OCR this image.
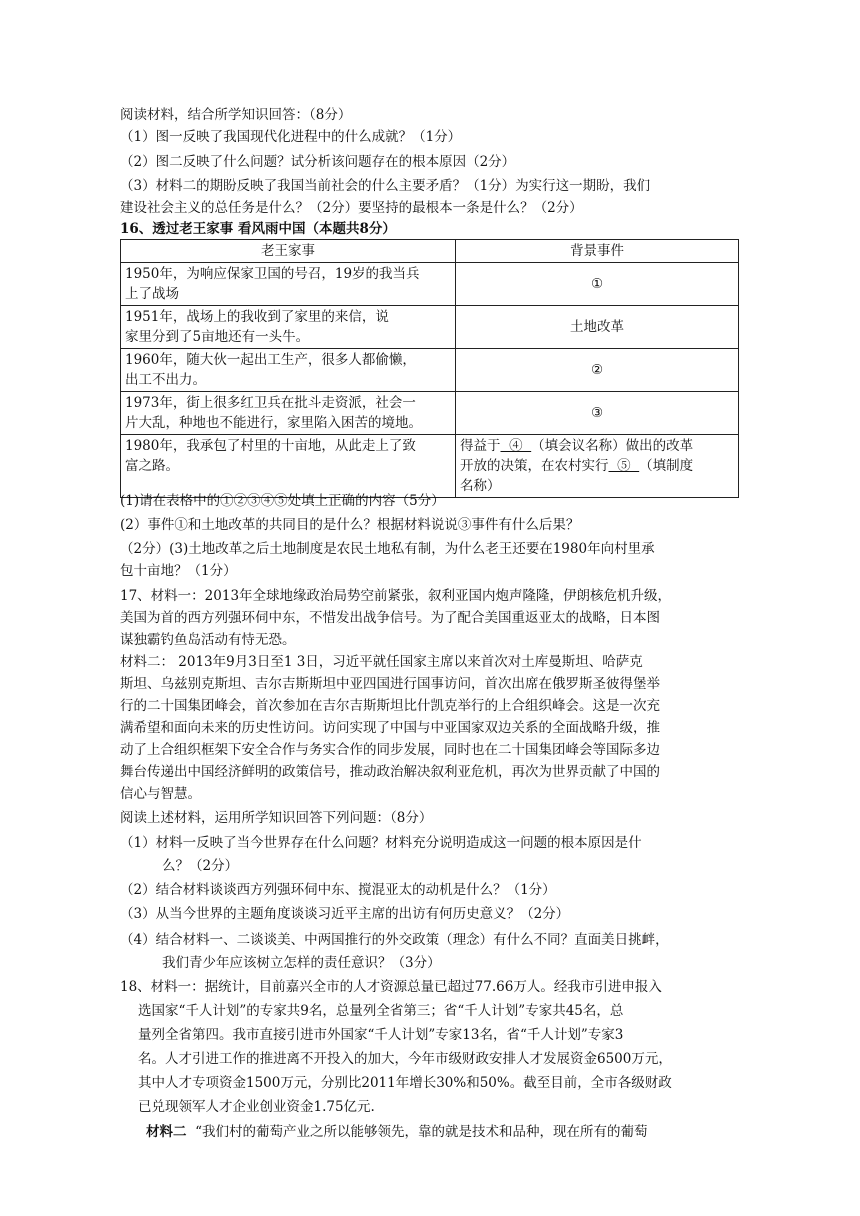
阅读材料，结合所学知识回答：（8分）
（1）图一反映了我国现代化进程中的什么成就？（1分）
（2）图二反映了什么问题？试分析该问题存在的根本原因（2分）
（3）材料二的期盼反映了我国当前社会的什么主要矛盾？（1分）为实行这一期盼，我们
建设社会主义的总任务是什么？（2分）要坚持的最根本一条是什么？（2分）
16、透过老王家事 看风雨中国（本题共8分）
老王家事	背景事件
1950年，为响应保家卫国的号召，19岁的我当兵
上了战场	①
1951年，战场上的我收到了家里的来信，说
家里分到了5亩地还有一头牛。	土地改革
1960年，随大伙一起出工生产，很多人都偷懒，
出工不出力。	②
1973年，街上很多红卫兵在批斗走资派，社会一
片大乱，种地也不能进行，家里陷入困苦的境地。	③
1980年，我承包了村里的十亩地，从此走上了致
富之路。	得益于  ④  （填会议名称）做出的改革
开放的决策，在农村实行  ⑤  （填制度
名称）
(1)请在表格中的①②③④⑤处填上正确的内容（5分）
(2）事件①和土地改革的共同目的是什么？根据材料说说③事件有什么后果？
（2分）(3)土地改革之后土地制度是农民土地私有制，为什么老王还要在1980年向村里承
包十亩地？（1分）
17、材料一：2013年全球地缘政治局势空前紧张，叙利亚国内炮声隆隆，伊朗核危机升级，
美国为首的西方列强环伺中东，不惜发出战争信号。为了配合美国重返亚太的战略，日本图
谋独霸钓鱼岛活动有恃无恐。
材料二： 2013年9月3日至1 3日，习近平就任国家主席以来首次对土库曼斯坦、哈萨克
斯坦、乌兹别克斯坦、吉尔吉斯斯坦中亚四国进行国事访问，首次出席在俄罗斯圣彼得堡举
行的二十国集团峰会，首次参加在吉尔吉斯斯坦比什凯克举行的上合组织峰会。这是一次充
满希望和面向未来的历史性访问。访问实现了中国与中亚国家双边关系的全面战略升级，推
动了上合组织框架下安全合作与务实合作的同步发展，同时也在二十国集团峰会等国际多边
舞台传递出中国经济鲜明的政策信号，推动政治解决叙利亚危机，再次为世界贡献了中国的
信心与智慧。
阅读上述材料，运用所学知识回答下列问题：（8分）
（1）材料一反映了当今世界存在什么问题？材料充分说明造成这一问题的根本原因是什
么？（2分）
（2）结合材料谈谈西方列强环伺中东、搅混亚太的动机是什么？（1分）
（3）从当今世界的主题角度谈谈习近平主席的出访有何历史意义？（2分）
（4）结合材料一、二谈谈美、中两国推行的外交政策（理念）有什么不同？直面美日挑衅，
我们青少年应该树立怎样的责任意识？（3分）
18、材料一：据统计，目前嘉兴全市的人才资源总量已超过77.66万人。经我市引进申报入
选国家“千人计划”的专家共9名，总量列全省第三；省“千人计划”专家共45名，总
量列全省第四。我市直接引进市外国家“千人计划”专家13名，省“千人计划”专家3
名。人才引进工作的推进离不开投入的加大，今年市级财政安排人才发展资金6500万元，
其中人才专项资金1500万元，分别比2011年增长30%和50%。截至目前，全市各级财政
已兑现领军人才企业创业资金1.75亿元.
材料二  “我们村的葡萄产业之所以能够领先，靠的就是技术和品种，现在所有的葡萄
